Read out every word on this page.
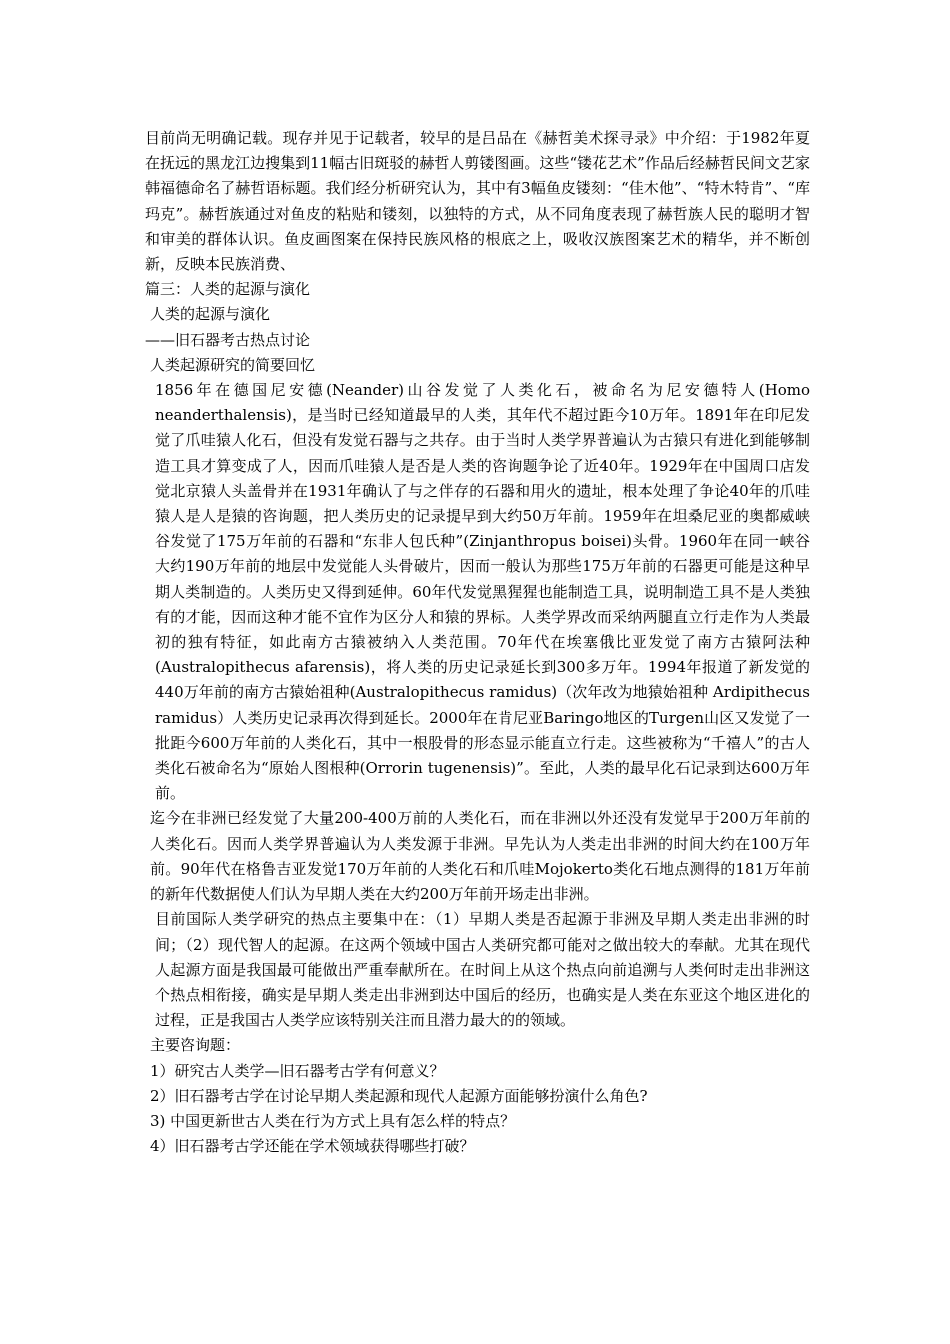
目前尚无明确记载。现存并见于记载者，较早的是吕品在《赫哲美术探寻录》中介绍：于1982年夏在抚远的黑龙江边搜集到11幅古旧斑驳的赫哲人剪镂图画。这些“镂花艺术”作品后经赫哲民间文艺家韩福德命名了赫哲语标题。我们经分析研究认为，其中有3幅鱼皮镂刻：“佳木他”、“特木特肯”、“库玛克”。赫哲族通过对鱼皮的粘贴和镂刻，以独特的方式，从不同角度表现了赫哲族人民的聪明才智和审美的群体认识。鱼皮画图案在保持民族风格的根底之上，吸收汉族图案艺术的精华，并不断创新，反映本民族消费、

篇三：人类的起源与演化

人类的起源与演化

——旧石器考古热点讨论

人类起源研究的简要回忆

1856年在德国尼安德(Neander)山谷发觉了人类化石，被命名为尼安德特人(Homo neanderthalensis)，是当时已经知道最早的人类，其年代不超过距今10万年。1891年在印尼发觉了爪哇猿人化石，但没有发觉石器与之共存。由于当时人类学界普遍认为古猿只有进化到能够制造工具才算变成了人，因而爪哇猿人是否是人类的咨询题争论了近40年。1929年在中国周口店发觉北京猿人头盖骨并在1931年确认了与之伴存的石器和用火的遗址，根本处理了争论40年的爪哇猿人是人是猿的咨询题，把人类历史的记录提早到大约50万年前。1959年在坦桑尼亚的奥都威峡谷发觉了175万年前的石器和“东非人包氏种”(Zinjanthropus boisei)头骨。1960年在同一峡谷大约190万年前的地层中发觉能人头骨破片，因而一般认为那些175万年前的石器更可能是这种早期人类制造的。人类历史又得到延伸。60年代发觉黑猩猩也能制造工具，说明制造工具不是人类独有的才能，因而这种才能不宜作为区分人和猿的界标。人类学界改而采纳两腿直立行走作为人类最初的独有特征，如此南方古猿被纳入人类范围。70年代在埃塞俄比亚发觉了南方古猿阿法种(Australopithecus afarensis)，将人类的历史记录延长到300多万年。1994年报道了新发觉的440万年前的南方古猿始祖种(Australopithecus ramidus)（次年改为地猿始祖种 Ardipithecus ramidus）人类历史记录再次得到延长。2000年在肯尼亚Baringo地区的Turgen山区又发觉了一批距今600万年前的人类化石，其中一根股骨的形态显示能直立行走。这些被称为“千禧人”的古人类化石被命名为“原始人图根种(Orrorin tugenensis)”。至此，人类的最早化石记录到达600万年前。

迄今在非洲已经发觉了大量200-400万前的人类化石，而在非洲以外还没有发觉早于200万年前的人类化石。因而人类学界普遍认为人类发源于非洲。早先认为人类走出非洲的时间大约在100万年前。90年代在格鲁吉亚发觉170万年前的人类化石和爪哇Mojokerto类化石地点测得的181万年前的新年代数据使人们认为早期人类在大约200万年前开场走出非洲。

目前国际人类学研究的热点主要集中在：（1）早期人类是否起源于非洲及早期人类走出非洲的时间；（2）现代智人的起源。在这两个领域中国古人类研究都可能对之做出较大的奉献。尤其在现代人起源方面是我国最可能做出严重奉献所在。在时间上从这个热点向前追溯与人类何时走出非洲这个热点相衔接，确实是早期人类走出非洲到达中国后的经历，也确实是人类在东亚这个地区进化的过程，正是我国古人类学应该特别关注而且潜力最大的的领域。

主要咨询题：

1）研究古人类学—旧石器考古学有何意义？

2）旧石器考古学在讨论早期人类起源和现代人起源方面能够扮演什么角色?

3) 中国更新世古人类在行为方式上具有怎么样的特点？

4）旧石器考古学还能在学术领域获得哪些打破？
